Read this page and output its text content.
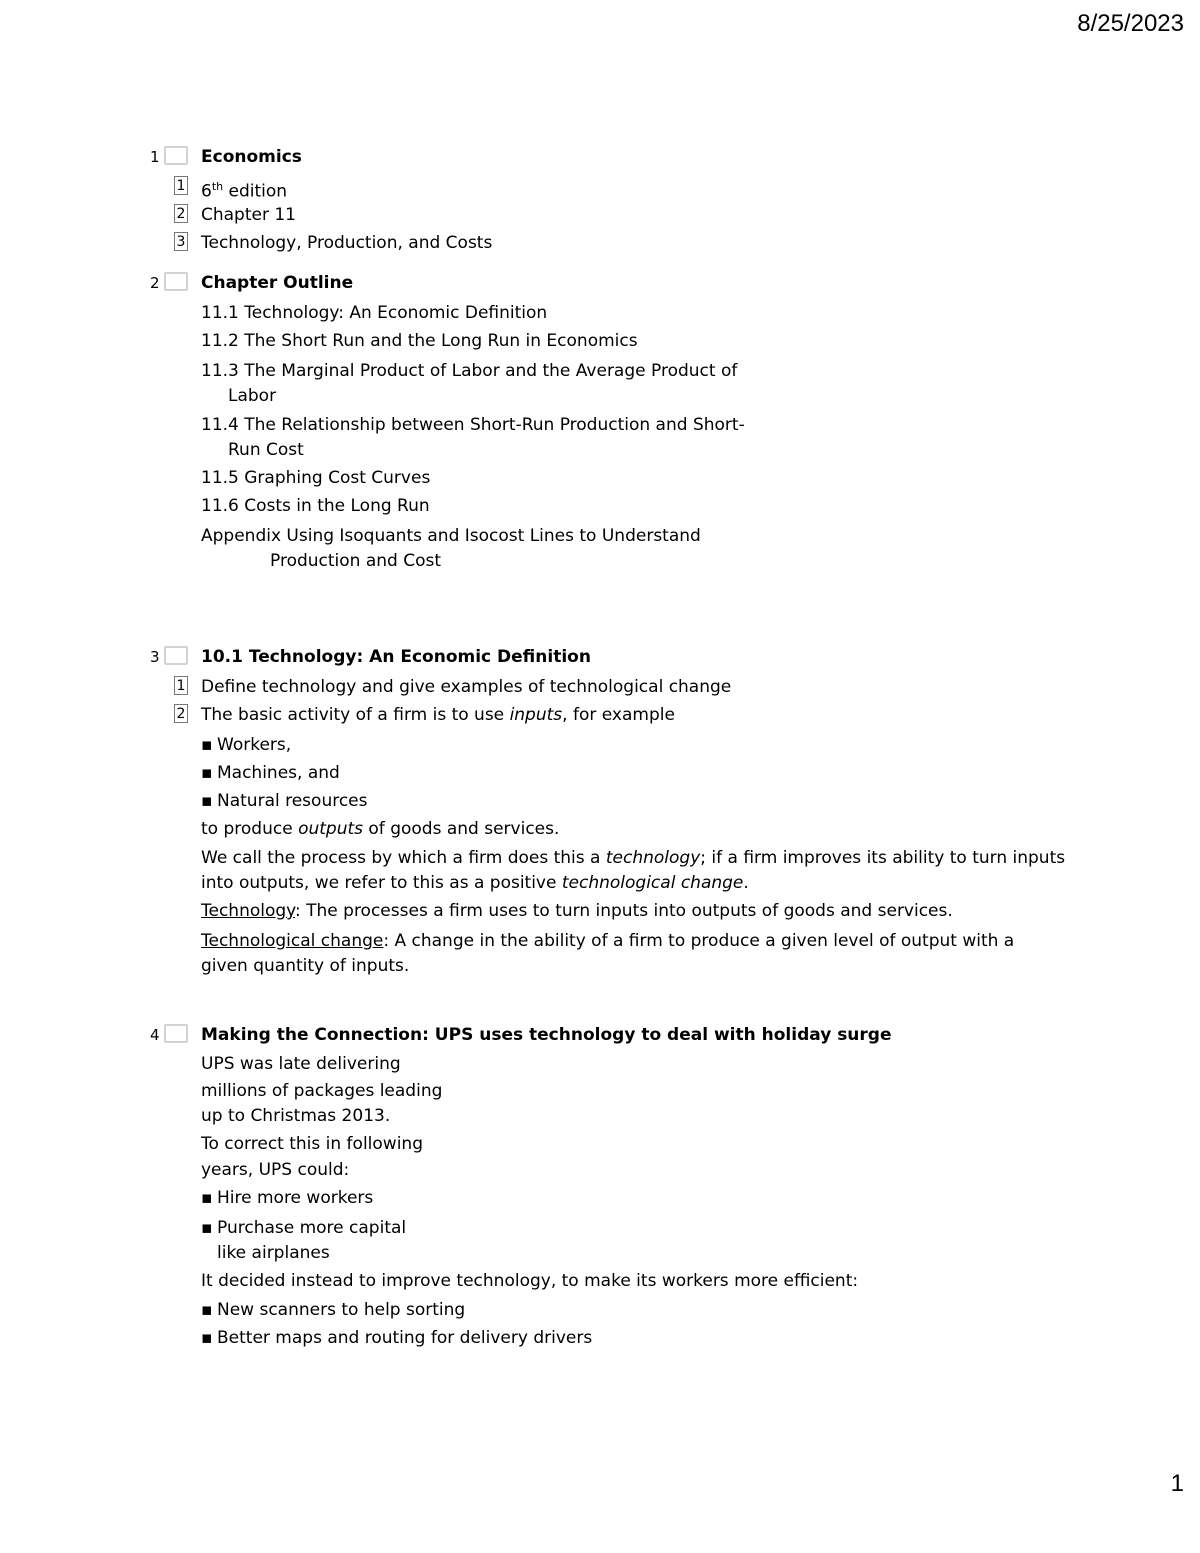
8/25/2023
1 Economics
1 6th edition
2 Chapter 11
3 Technology, Production, and Costs
2 Chapter Outline
11.1 Technology: An Economic Definition
11.2 The Short Run and the Long Run in Economics
11.3 The Marginal Product of Labor and the Average Product of
Labor
11.4 The Relationship between Short-Run Production and Short-
Run Cost
11.5 Graphing Cost Curves
11.6 Costs in the Long Run
Appendix Using Isoquants and Isocost Lines to Understand
Production and Cost
3 10.1 Technology: An Economic Definition
1 Define technology and give examples of technological change
2 The basic activity of a firm is to use inputs, for example
▪ Workers,
▪ Machines, and
▪ Natural resources
to produce outputs of goods and services.
We call the process by which a firm does this a technology; if a firm improves its ability to turn inputs
into outputs, we refer to this as a positive technological change.
Technology: The processes a firm uses to turn inputs into outputs of goods and services.
Technological change: A change in the ability of a firm to produce a given level of output with a
given quantity of inputs.
4 Making the Connection: UPS uses technology to deal with holiday surge
UPS was late delivering
millions of packages leading
up to Christmas 2013.
To correct this in following
years, UPS could:
▪ Hire more workers
▪ Purchase more capital
like airplanes
It decided instead to improve technology, to make its workers more efficient:
▪ New scanners to help sorting
▪ Better maps and routing for delivery drivers
1
